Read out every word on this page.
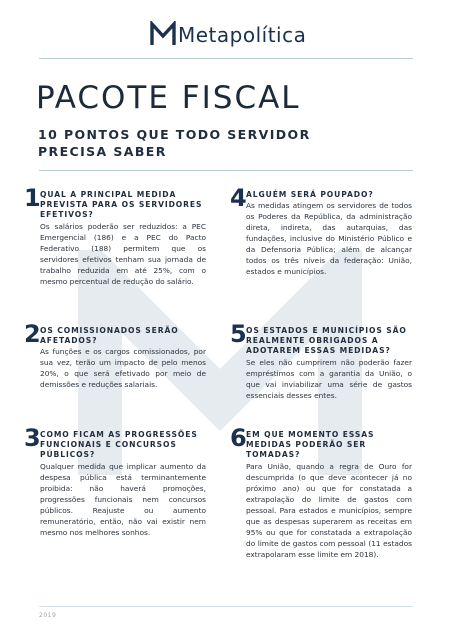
Metapolítica
PACOTE FISCAL
10 PONTOS QUE TODO SERVIDOR PRECISA SABER
1 QUAL A PRINCIPAL MEDIDA PREVISTA PARA OS SERVIDORES EFETIVOS?
Os salários poderão ser reduzidos: a PEC Emergencial (186) e a PEC do Pacto Federativo (188) permitem que os servidores efetivos tenham sua jornada de trabalho reduzida em até 25%, com o mesmo percentual de redução do salário.
2 OS COMISSIONADOS SERÃO AFETADOS?
As funções e os cargos comissionados, por sua vez, terão um impacto de pelo menos 20%, o que será efetivado por meio de demissões e reduções salariais.
3 COMO FICAM AS PROGRESSÕES FUNCIONAIS E CONCURSOS PÚBLICOS?
Qualquer medida que implicar aumento da despesa pública está terminantemente proibida: não haverá promoções, progressões funcionais nem concursos públicos. Reajuste ou aumento remuneratório, então, não vai existir nem mesmo nos melhores sonhos.
4 ALGUÉM SERÁ POUPADO?
As medidas atingem os servidores de todos os Poderes da República, da administração direta, indireta, das autarquias, das fundações, inclusive do Ministério Público e da Defensoria Pública; além de alcançar todos os três níveis da federação: União, estados e municípios.
5 OS ESTADOS E MUNICÍPIOS SÃO REALMENTE OBRIGADOS A ADOTAREM ESSAS MEDIDAS?
Se eles não cumprirem não poderão fazer empréstimos com a garantia da União, o que vai inviabilizar uma série de gastos essenciais desses entes.
6 EM QUE MOMENTO ESSAS MEDIDAS PODERÃO SER TOMADAS?
Para União, quando a regra de Ouro for descumprida (o que deve acontecer já no próximo ano) ou que for constatada a extrapolação do limite de gastos com pessoal. Para estados e municípios, sempre que as despesas superarem as receitas em 95% ou que for constatada a extrapolação do limite de gastos com pessoal (11 estados extrapolaram esse limite em 2018).
2019
